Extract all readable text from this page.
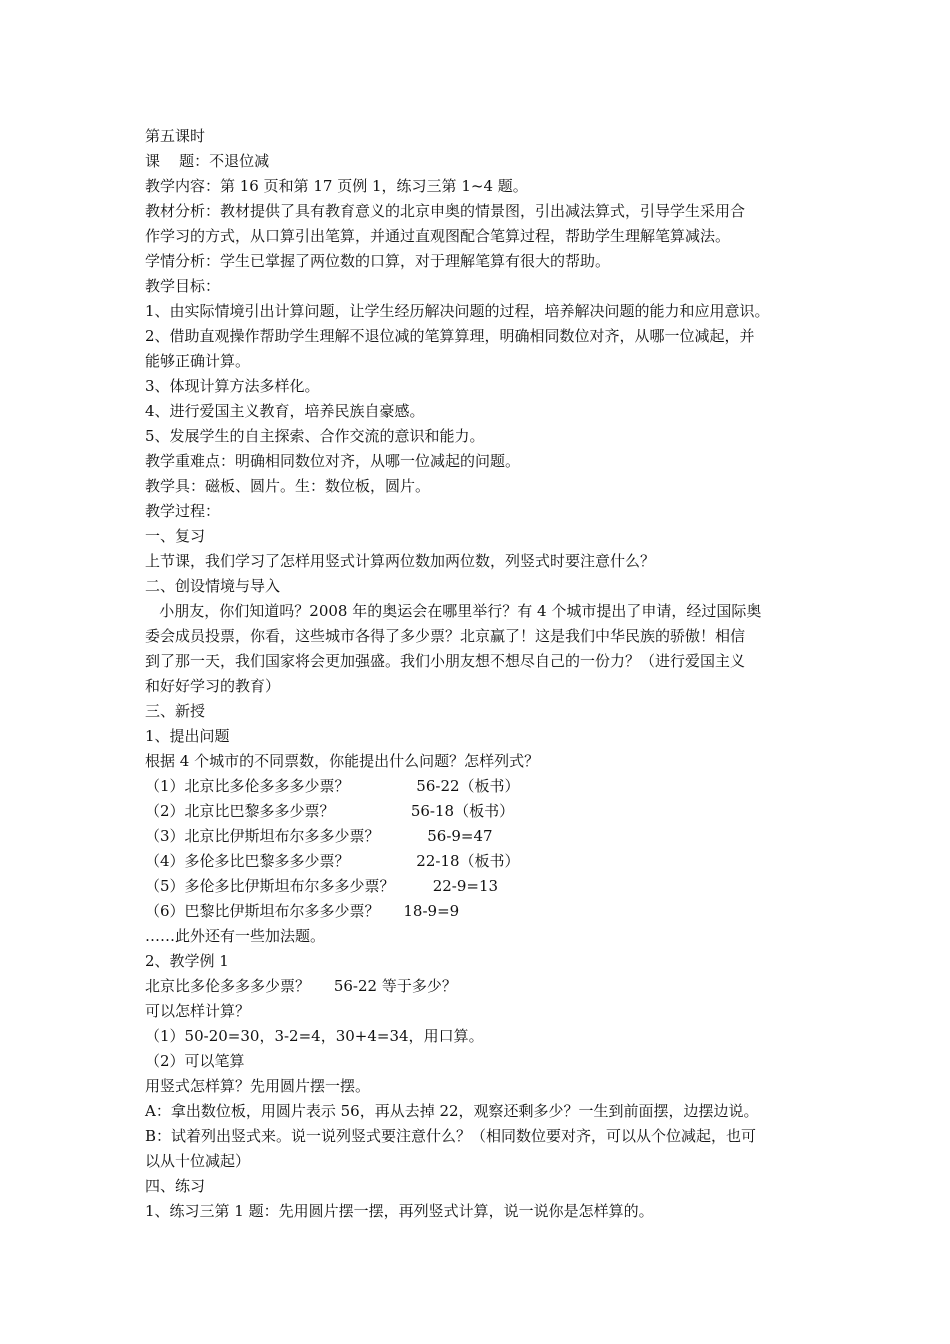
第五课时
课    题：不退位减
教学内容：第 16 页和第 17 页例 1，练习三第 1~4 题。
教材分析：教材提供了具有教育意义的北京申奥的情景图，引出减法算式，引导学生采用合
作学习的方式，从口算引出笔算，并通过直观图配合笔算过程，帮助学生理解笔算减法。
学情分析：学生已掌握了两位数的口算，对于理解笔算有很大的帮助。
教学目标：
1、由实际情境引出计算问题，让学生经历解决问题的过程，培养解决问题的能力和应用意识。
2、借助直观操作帮助学生理解不退位减的笔算算理，明确相同数位对齐，从哪一位减起，并
能够正确计算。
3、体现计算方法多样化。
4、进行爱国主义教育，培养民族自豪感。
5、发展学生的自主探索、合作交流的意识和能力。
教学重难点：明确相同数位对齐，从哪一位减起的问题。
教学具：磁板、圆片。生：数位板，圆片。
教学过程：
一、复习
上节课，我们学习了怎样用竖式计算两位数加两位数，列竖式时要注意什么？
二、创设情境与导入
小朋友，你们知道吗？2008 年的奥运会在哪里举行？有 4 个城市提出了申请，经过国际奥
委会成员投票，你看，这些城市各得了多少票？北京赢了！这是我们中华民族的骄傲！相信
到了那一天，我们国家将会更加强盛。我们小朋友想不想尽自己的一份力？（进行爱国主义
和好好学习的教育）
三、新授
1、提出问题
根据 4 个城市的不同票数，你能提出什么问题？怎样列式？
（1）北京比多伦多多多少票？              56-22（板书）
（2）北京比巴黎多多少票？                56-18（板书）
（3）北京比伊斯坦布尔多多少票？          56-9=47
（4）多伦多比巴黎多多少票？              22-18（板书）
（5）多伦多比伊斯坦布尔多多少票？        22-9=13
（6）巴黎比伊斯坦布尔多多少票？     18-9=9
……此外还有一些加法题。
2、教学例 1
北京比多伦多多多少票？     56-22 等于多少？
可以怎样计算？
（1）50-20=30，3-2=4，30+4=34，用口算。
（2）可以笔算
用竖式怎样算？先用圆片摆一摆。
A：拿出数位板，用圆片表示 56，再从去掉 22，观察还剩多少？一生到前面摆，边摆边说。
B：试着列出竖式来。说一说列竖式要注意什么？（相同数位要对齐，可以从个位减起，也可
以从十位减起）
四、练习
1、练习三第 1 题：先用圆片摆一摆，再列竖式计算，说一说你是怎样算的。
